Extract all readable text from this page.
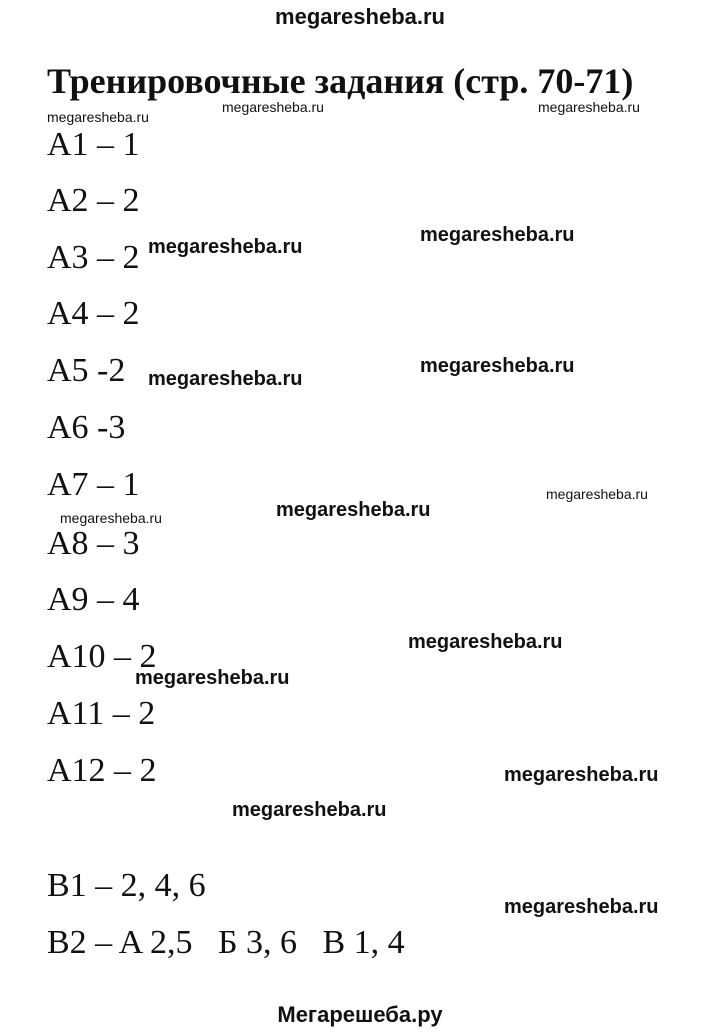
megaresheba.ru
Тренировочные задания (стр. 70-71)
megaresheba.ru
megaresheba.ru	megaresheba.ru
A1 – 1
A2 – 2
A3 – 2
A4 – 2
A5 -2
A6 -3
A7 – 1
A8 – 3
A9 – 4
A10 – 2
A11 – 2
A12 – 2
B1 – 2, 4, 6
B2 – A 2,5   Б 3, 6   В 1, 4
megaresheba.ru
megaresheba.ru
megaresheba.ru
megaresheba.ru
megaresheba.ru
megaresheba.ru
megaresheba.ru
megaresheba.ru
megaresheba.ru
megaresheba.ru
megaresheba.ru
megaresheba.ru
Мегарешеба.ру
